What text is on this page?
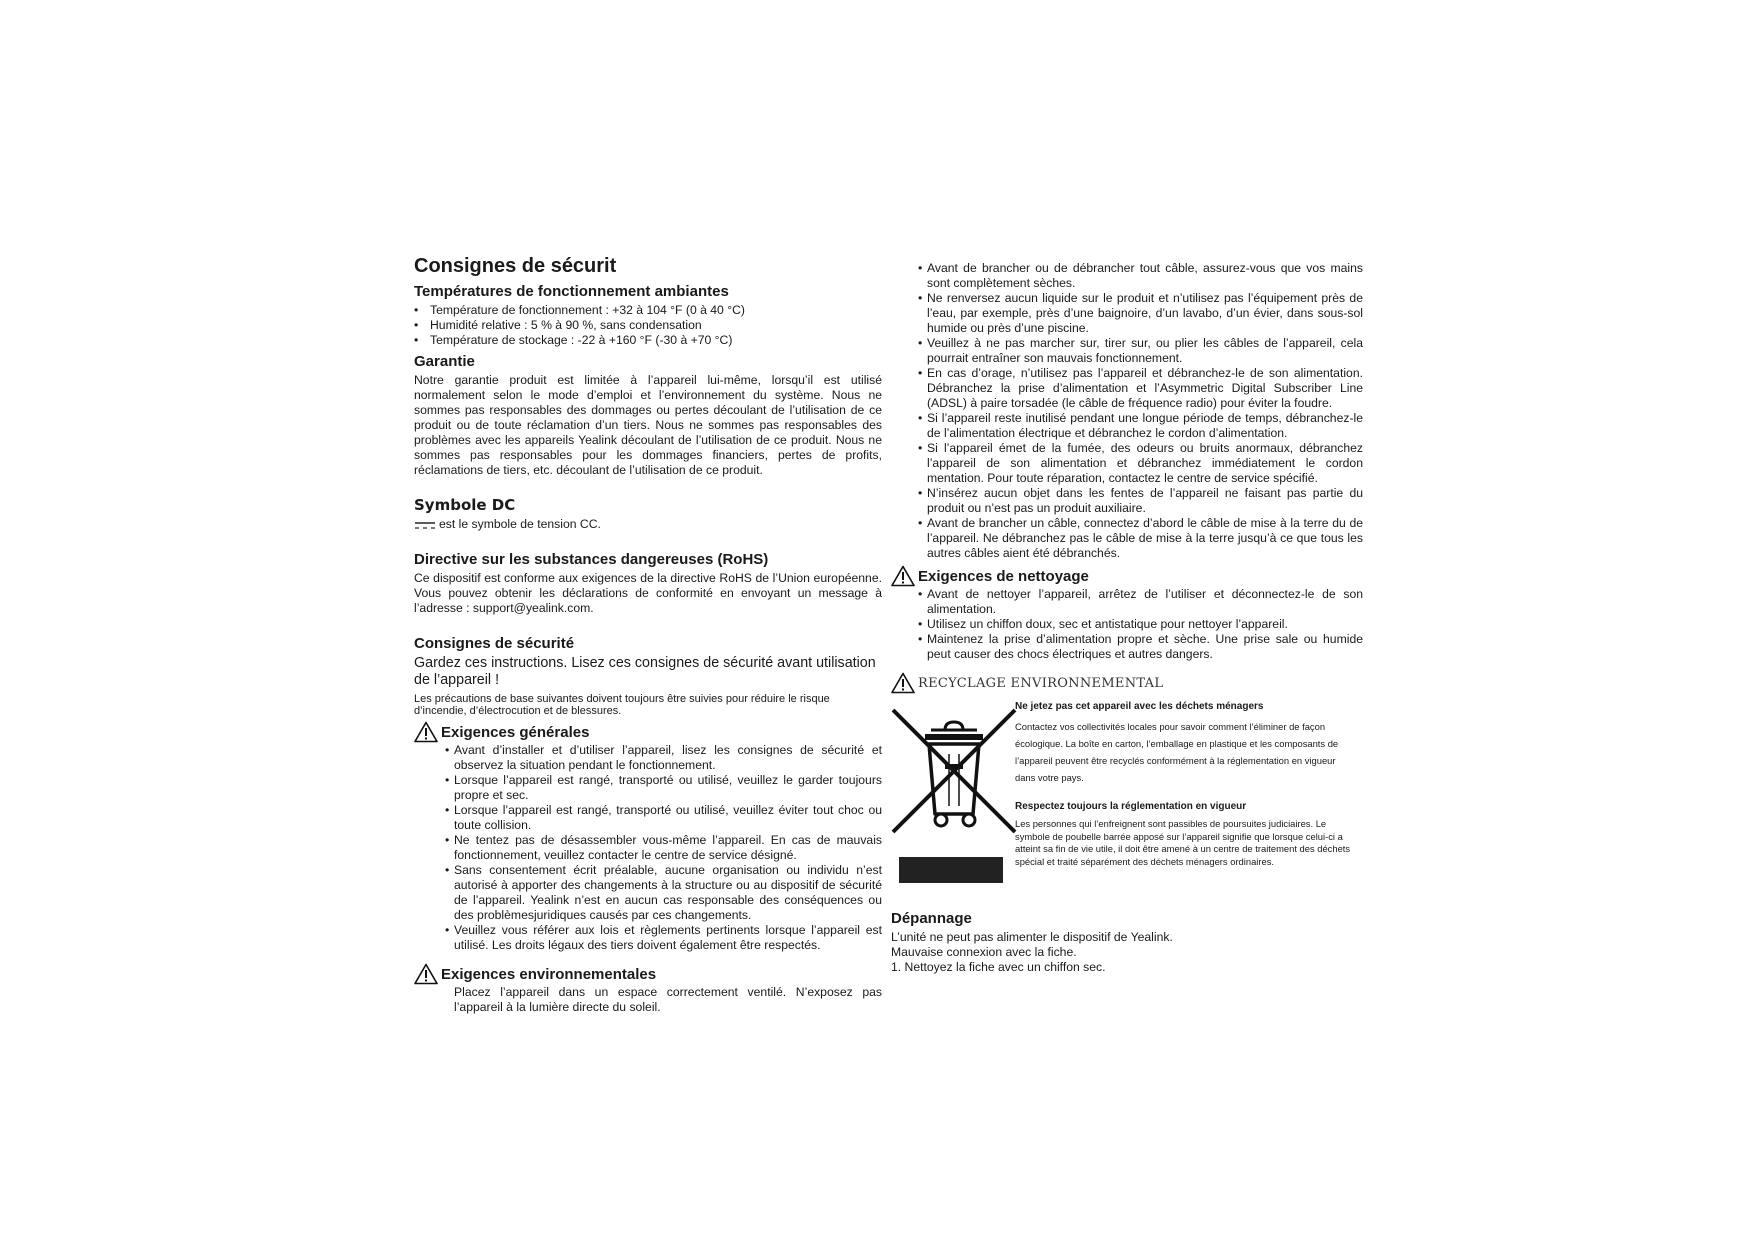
Consignes de sécurit
Températures de fonctionnement ambiantes
• Température de fonctionnement : +32 à 104 °F (0 à 40 °C)
• Humidité relative : 5 % à 90 %, sans condensation
• Température de stockage : -22 à +160 °F (-30 à +70 °C)
Garantie

Notre garantie produit est limitée à l’appareil lui-même, lorsqu’il est utilisé normalement selon le mode d’emploi et l’environnement du système. Nous ne sommes pas responsables des dommages ou pertes découlant de l’utilisation de ce produit ou de toute réclamation d’un tiers. Nous ne sommes pas responsables des problèmes avec les appareils Yealink découlant de l’utilisation de ce produit. Nous ne sommes pas responsables pour les dommages financiers, pertes de profits, réclamations de tiers, etc. découlant de l’utilisation de ce produit.

Symbole DC
est le symbole de tension CC.
Directive sur les substances dangereuses (RoHS)

Ce dispositif est conforme aux exigences de la directive RoHS de l’Union européenne. Vous pouvez obtenir les déclarations de conformité en envoyant un message à l’adresse : support@yealink.com.

Consignes de sécurité

Gardez ces instructions. Lisez ces consignes de sécurité avant utilisation de l’appareil !

Les précautions de base suivantes doivent toujours être suivies pour réduire le risque d’incendie, d’électrocution et de blessures.

Exigences générales
• Avant d’installer et d’utiliser l’appareil, lisez les consignes de sécurité et observez la situation pendant le fonctionnement.
• Lorsque l’appareil est rangé, transporté ou utilisé, veuillez le garder toujours propre et sec.
• Lorsque l’appareil est rangé, transporté ou utilisé, veuillez éviter tout choc ou toute collision.
• Ne tentez pas de désassembler vous-même l’appareil. En cas de mauvais fonctionnement, veuillez contacter le centre de service désigné.
• Sans consentement écrit préalable, aucune organisation ou individu n’est autorisé à apporter des changements à la structure ou au dispositif de sécurité de l’appareil. Yealink n’est en aucun cas responsable des conséquences ou des problèmesjuridiques causés par ces changements.
• Veuillez vous référer aux lois et règlements pertinents lorsque l’appareil est utilisé. Les droits légaux des tiers doivent également être respectés.
Exigences environnementales

Placez l’appareil dans un espace correctement ventilé. N’exposez pas l’appareil à la lumière directe du soleil.

• Avant de brancher ou de débrancher tout câble, assurez-vous que vos mains sont complètement sèches.
• Ne renversez aucun liquide sur le produit et n’utilisez pas l’équipement près de l’eau, par exemple, près d’une baignoire, d’un lavabo, d’un évier, dans sous-sol humide ou près d’une piscine.
• Veuillez à ne pas marcher sur, tirer sur, ou plier les câbles de l’appareil, cela pourrait entraîner son mauvais fonctionnement.
• En cas d’orage, n’utilisez pas l’appareil et débranchez-le de son alimentation. Débranchez la prise d’alimentation et l’Asymmetric Digital Subscriber Line (ADSL) à paire torsadée (le câble de fréquence radio) pour éviter la foudre.
• Si l’appareil reste inutilisé pendant une longue période de temps, débranchez-le de l’alimentation électrique et débranchez le cordon d’alimentation.
• Si l’appareil émet de la fumée, des odeurs ou bruits anormaux, débranchez l’appareil de son alimentation et débranchez immédiatement le cordon mentation. Pour toute réparation, contactez le centre de service spécifié.
• N’insérez aucun objet dans les fentes de l’appareil ne faisant pas partie du produit ou n’est pas un produit auxiliaire.
• Avant de brancher un câble, connectez d’abord le câble de mise à la terre du de l’appareil. Ne débranchez pas le câble de mise à la terre jusqu’à ce que tous les autres câbles aient été débranchés.
Exigences de nettoyage
• Avant de nettoyer l’appareil, arrêtez de l’utiliser et déconnectez-le de son alimentation.
• Utilisez un chiffon doux, sec et antistatique pour nettoyer l’appareil.
• Maintenez la prise d’alimentation propre et sèche. Une prise sale ou humide peut causer des chocs électriques et autres dangers.
RECYCLAGE ENVIRONNEMENTAL
Ne jetez pas cet appareil avec les déchets ménagers

Contactez vos collectivités locales pour savoir comment l’éliminer de façon écologique. La boîte en carton, l’emballage en plastique et les composants de l’appareil peuvent être recyclés conformément à la réglementation en vigueur dans votre pays.

Respectez toujours la réglementation en vigueur

Les personnes qui l’enfreignent sont passibles de poursuites judiciaires. Le symbole de poubelle barrée apposé sur l’appareil signifie que lorsque celui-ci a atteint sa fin de vie utile, il doit être amené à un centre de traitement des déchets spécial et traité séparément des déchets ménagers ordinaires.

Dépannage
L’unité ne peut pas alimenter le dispositif de Yealink.
Mauvaise connexion avec la fiche.
1. Nettoyez la fiche avec un chiffon sec.
